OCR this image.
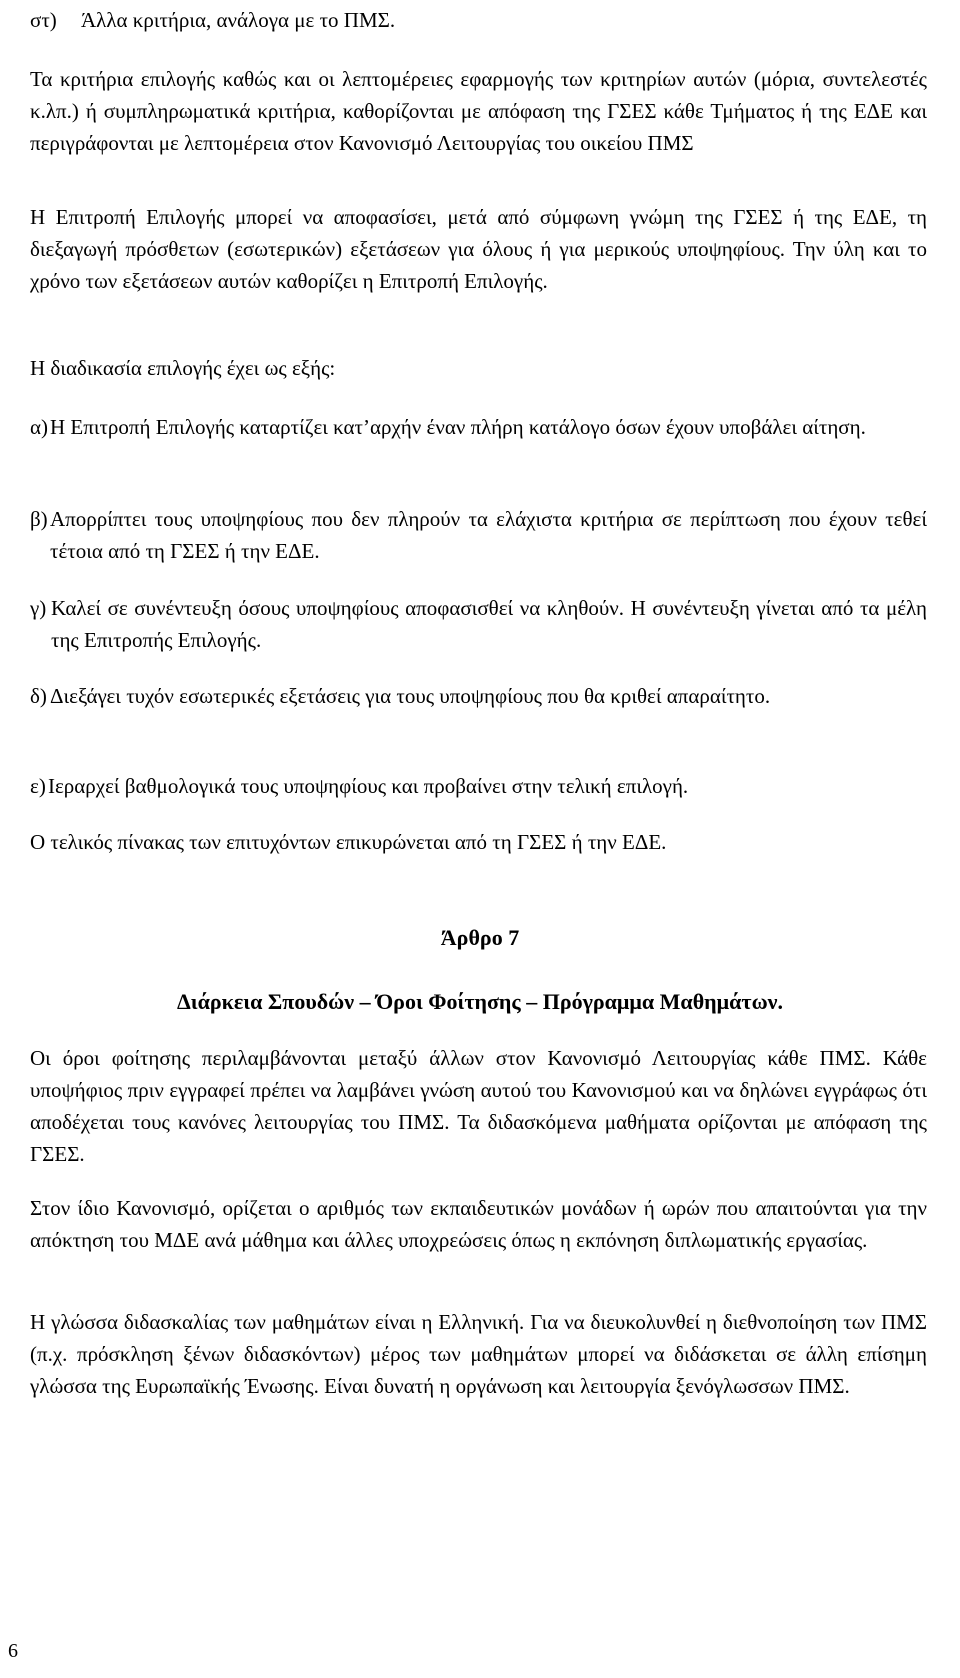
στ) Άλλα κριτήρια, ανάλογα με το ΠΜΣ.

Τα κριτήρια επιλογής καθώς και οι λεπτομέρειες εφαρμογής των κριτηρίων αυτών (μόρια, συντελεστές κ.λπ.) ή συμπληρωματικά κριτήρια, καθορίζονται με απόφαση της ΓΣΕΣ κάθε Τμήματος ή της ΕΔΕ και περιγράφονται με λεπτομέρεια στον Κανονισμό Λειτουργίας του οικείου ΠΜΣ

Η Επιτροπή Επιλογής μπορεί να αποφασίσει, μετά από σύμφωνη γνώμη της ΓΣΕΣ ή της ΕΔΕ, τη διεξαγωγή πρόσθετων (εσωτερικών) εξετάσεων για όλους ή για μερικούς υποψηφίους. Την ύλη και το χρόνο των εξετάσεων αυτών καθορίζει η Επιτροπή Επιλογής.

Η διαδικασία επιλογής έχει ως εξής:

α) Η Επιτροπή Επιλογής καταρτίζει κατ’αρχήν έναν πλήρη κατάλογο όσων έχουν υποβάλει αίτηση.
β) Απορρίπτει τους υποψηφίους που δεν πληρούν τα ελάχιστα κριτήρια σε περίπτωση που έχουν τεθεί τέτοια από τη ΓΣΕΣ ή την ΕΔΕ.
γ) Καλεί σε συνέντευξη όσους υποψηφίους αποφασισθεί να κληθούν. Η συνέντευξη γίνεται από τα μέλη της Επιτροπής Επιλογής.
δ) Διεξάγει τυχόν εσωτερικές εξετάσεις για τους υποψηφίους που θα κριθεί απαραίτητο.
ε) Ιεραρχεί βαθμολογικά τους υποψηφίους και προβαίνει στην τελική επιλογή.

Ο τελικός πίνακας των επιτυχόντων επικυρώνεται από τη ΓΣΕΣ ή την ΕΔΕ.

Άρθρο 7
Διάρκεια Σπουδών – Όροι Φοίτησης – Πρόγραμμα Μαθημάτων.

Οι όροι φοίτησης περιλαμβάνονται μεταξύ άλλων στον Κανονισμό Λειτουργίας κάθε ΠΜΣ. Κάθε υποψήφιος πριν εγγραφεί πρέπει να λαμβάνει γνώση αυτού του Κανονισμού και να δηλώνει εγγράφως ότι αποδέχεται τους κανόνες λειτουργίας του ΠΜΣ. Τα διδασκόμενα μαθήματα ορίζονται με απόφαση της ΓΣΕΣ.

Στον ίδιο Κανονισμό, ορίζεται ο αριθμός των εκπαιδευτικών μονάδων ή ωρών που απαιτούνται για την απόκτηση του ΜΔΕ ανά μάθημα και άλλες υποχρεώσεις όπως η εκπόνηση διπλωματικής εργασίας.

Η γλώσσα διδασκαλίας των μαθημάτων είναι η Ελληνική. Για να διευκολυνθεί η διεθνοποίηση των ΠΜΣ (π.χ. πρόσκληση ξένων διδασκόντων) μέρος των μαθημάτων μπορεί να διδάσκεται σε άλλη επίσημη γλώσσα της Ευρωπαϊκής Ένωσης. Είναι δυνατή η οργάνωση και λειτουργία ξενόγλωσσων ΠΜΣ.

6
